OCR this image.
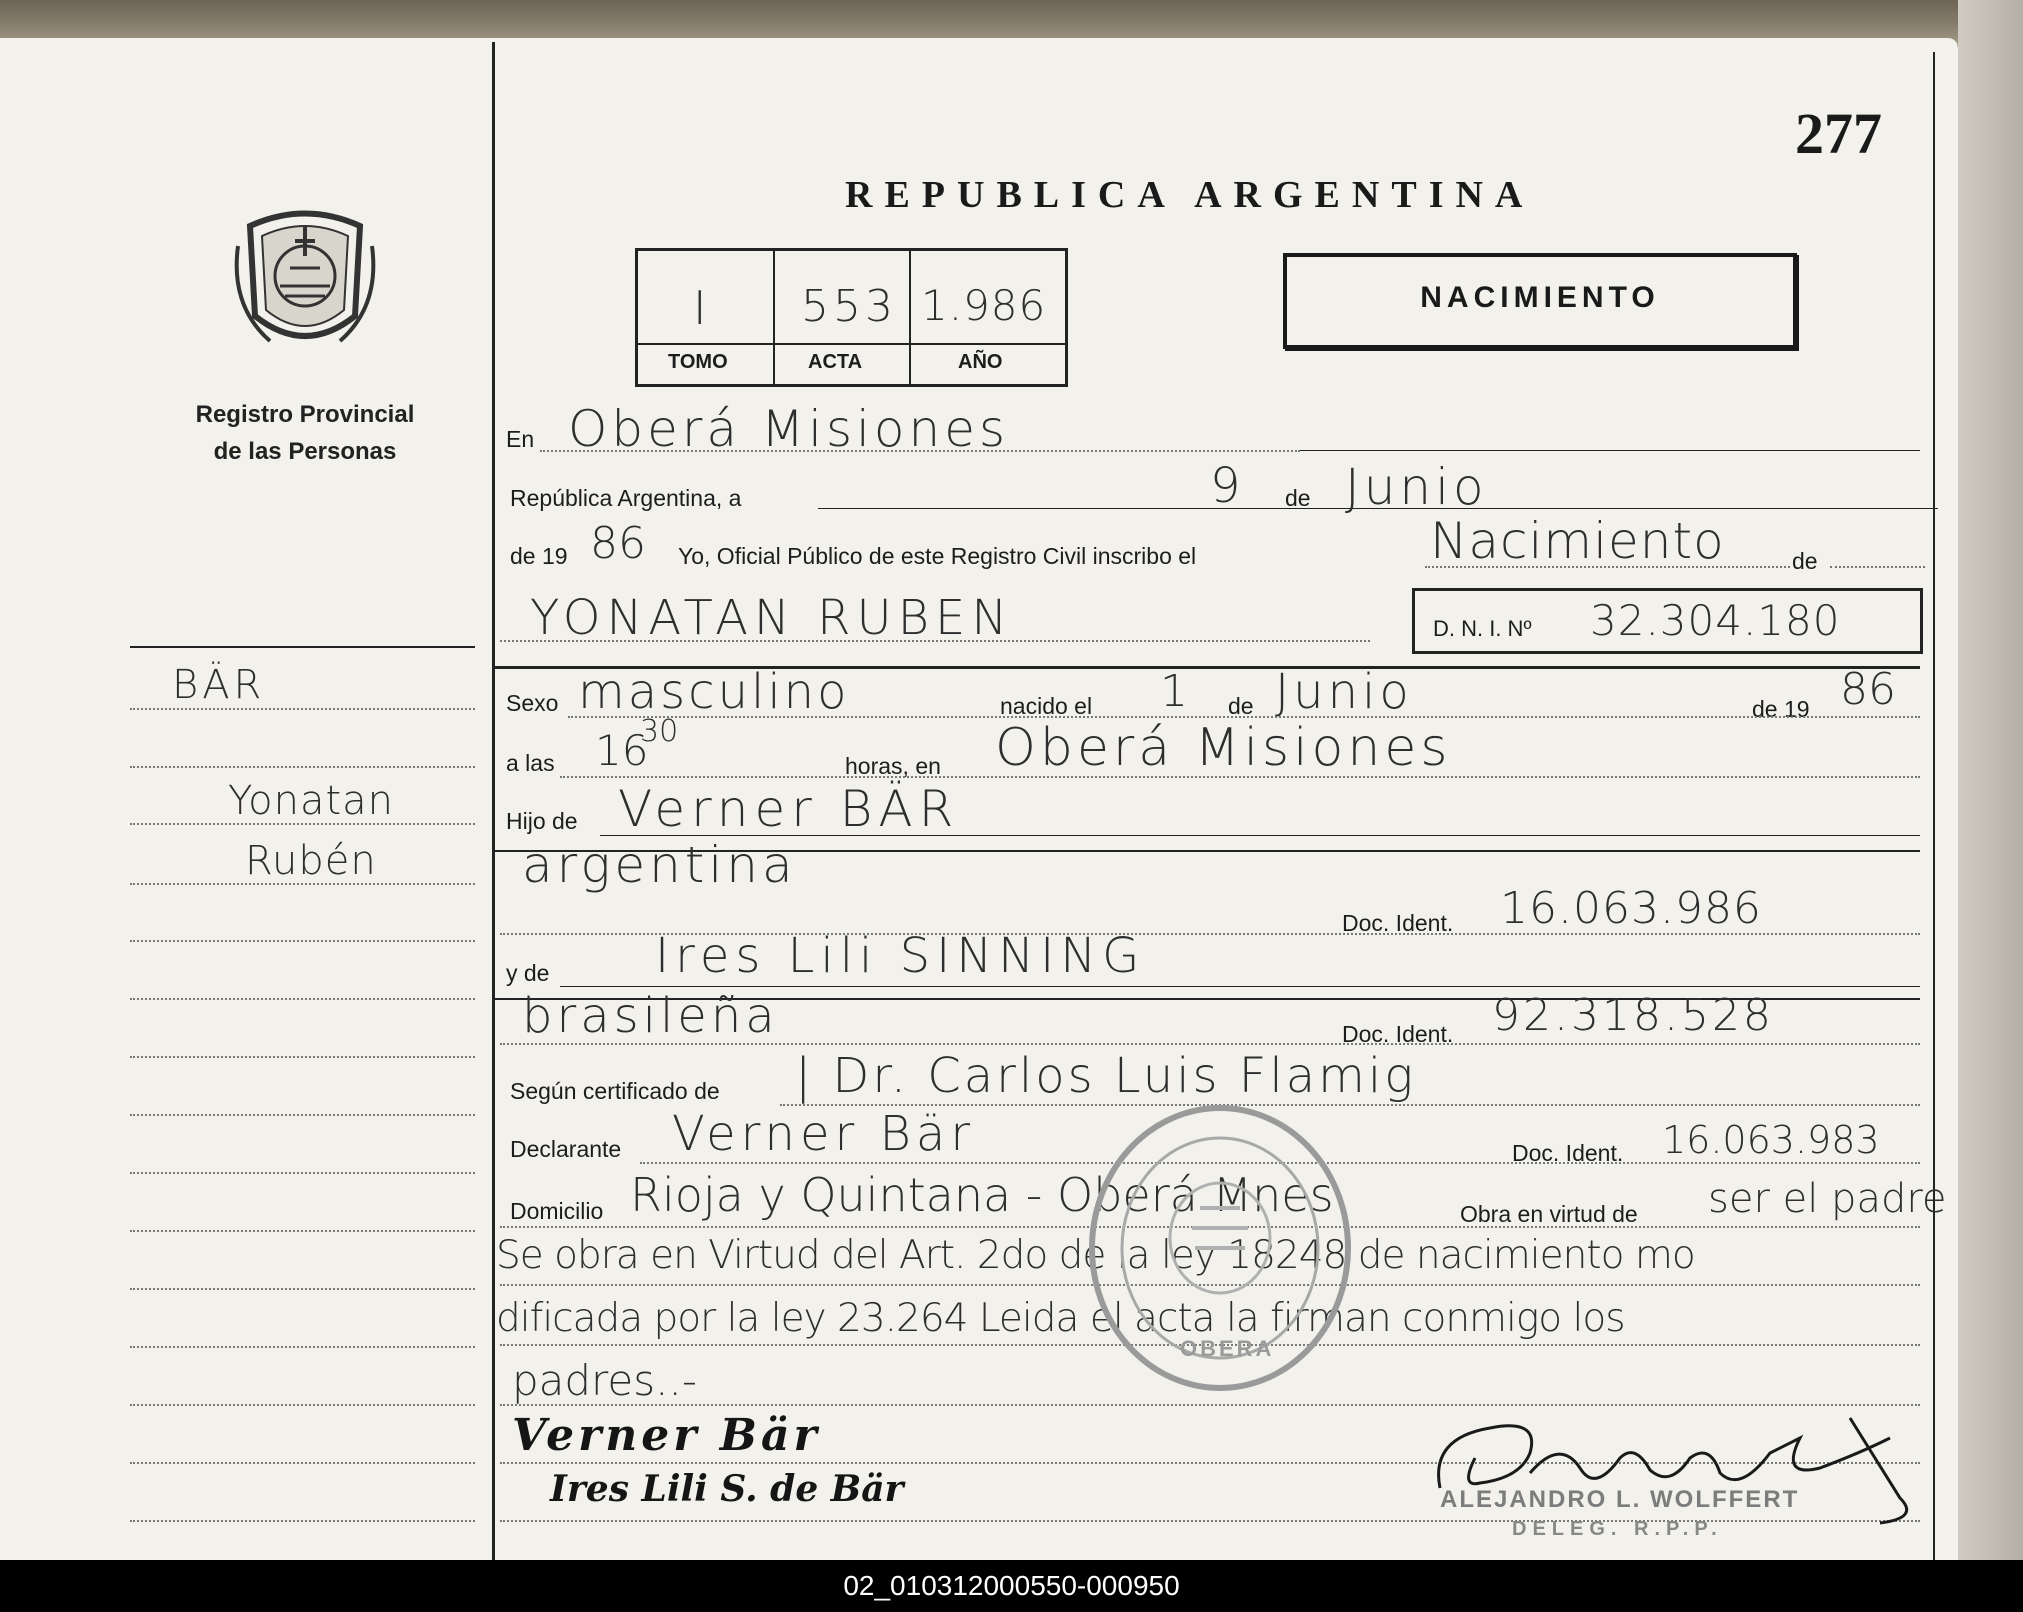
277
Registro Provincial
de las Personas
REPUBLICA ARGENTINA
I 553 1.986
TOMO	ACTA	AÑO
NACIMIENTO
BÄR
Yonatan
Rubén
En Oberá Misiones
República Argentina, a	9 de Junio
de 19 86 Yo, Oficial Público de este Registro Civil inscribo el	Nacimiento	de
YONATAN RUBEN	D. N. I. Nº 32.304.180
Sexo masculino	nacido el 1 de Junio	de 19 86
a las 16
30
horas, en Oberá Misiones
Hijo de Verner BÄR
argentina
Doc. Ident. 16.063.986
y de Ires Lili SINNING
brasileña	Doc. Ident. 92.318.528
Según certificado de | Dr. Carlos Luis Flamig
Declarante Verner Bär	Doc. Ident. 16.063.983
Domicilio Rioja y Quintana - Oberá Mnes	Obra en virtud de ser el padre
Se obra en Virtud del Art. 2do de la ley 18248 de nacimiento mo
dificada por la ley 23.264 Leida el acta la firman conmigo los
padres..-
OBERA
Verner Bär
Ires Lili S. de Bär	ALEJANDRO L. WOLFFERT
DELEG. R.P.P.
02_010312000550-000950
